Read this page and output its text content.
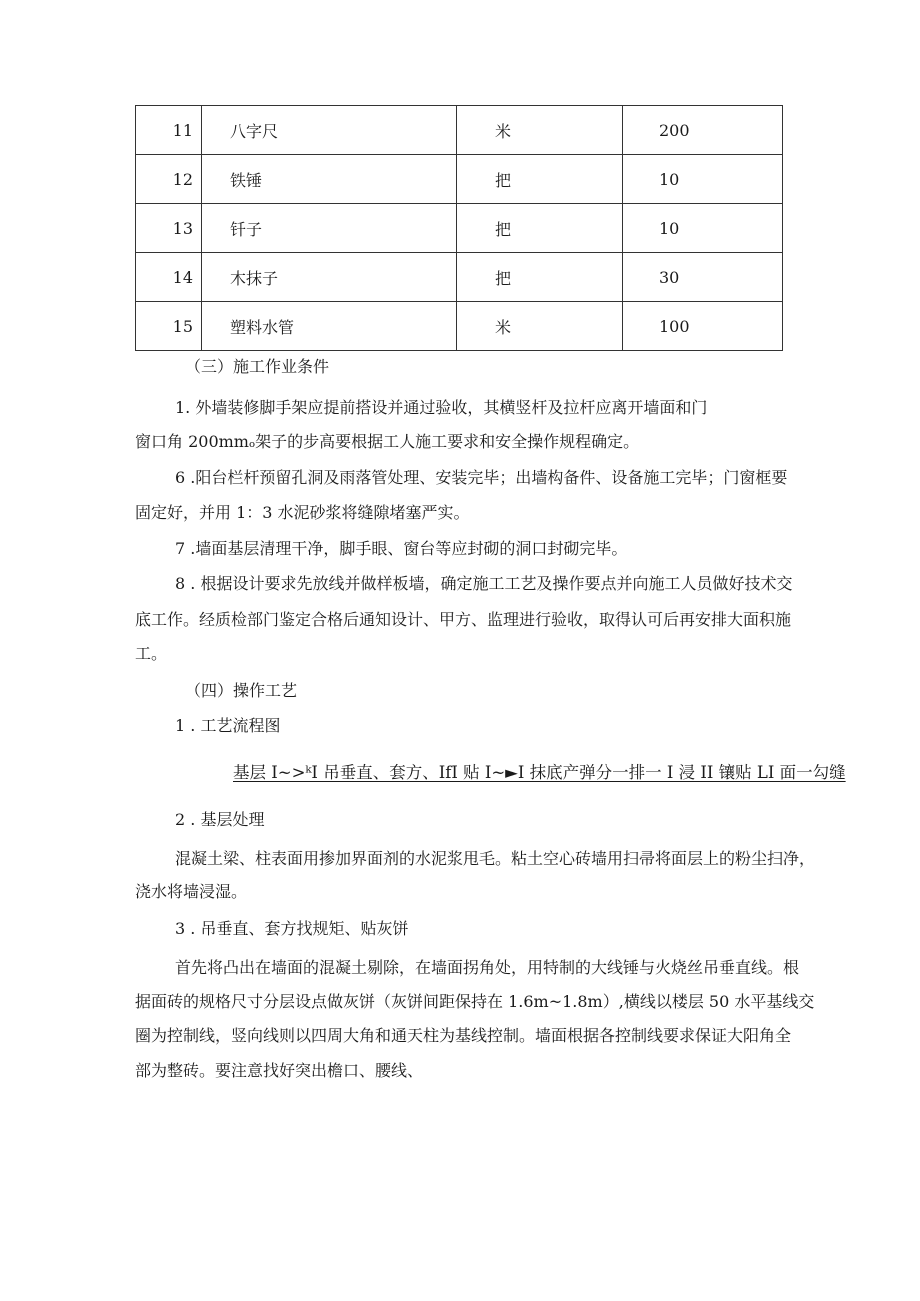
11	八字尺	米	200
12	铁锤	把	10
13	钎子	把	10
14	木抹子	把	30
15	塑料水管	米	100
（三）施工作业条件
1. 外墙装修脚手架应提前搭设并通过验收，其横竖杆及拉杆应离开墙面和门
窗口角 200mmₒ架子的步高要根据工人施工要求和安全操作规程确定。
6 .阳台栏杆预留孔洞及雨落管处理、安装完毕；出墙构备件、设备施工完毕；门窗框要
固定好，并用 1：3 水泥砂浆将缝隙堵塞严实。
7 .墙面基层清理干净，脚手眼、窗台等应封砌的洞口封砌完毕。
8 . 根据设计要求先放线并做样板墙，确定施工工艺及操作要点并向施工人员做好技术交
底工作。经质检部门鉴定合格后通知设计、甲方、监理进行验收，取得认可后再安排大面积施
工。
（四）操作工艺
1 . 工艺流程图
基层 I~>ᵏI 吊垂直、套方、IfI 贴 I~►I 抹底产弹分一排一 I 浸 II 镶贴 LI 面一勾缝
2 . 基层处理
混凝土梁、柱表面用掺加界面剂的水泥浆甩毛。粘土空心砖墙用扫帚将面层上的粉尘扫净，
浇水将墙浸湿。
3 . 吊垂直、套方找规矩、贴灰饼
首先将凸出在墙面的混凝土剔除，在墙面拐角处，用特制的大线锤与火烧丝吊垂直线。根
据面砖的规格尺寸分层设点做灰饼（灰饼间距保持在 1.6m~1.8m）,横线以楼层 50 水平基线交
圈为控制线，竖向线则以四周大角和通天柱为基线控制。墙面根据各控制线要求保证大阳角全
部为整砖。要注意找好突出檐口、腰线、
